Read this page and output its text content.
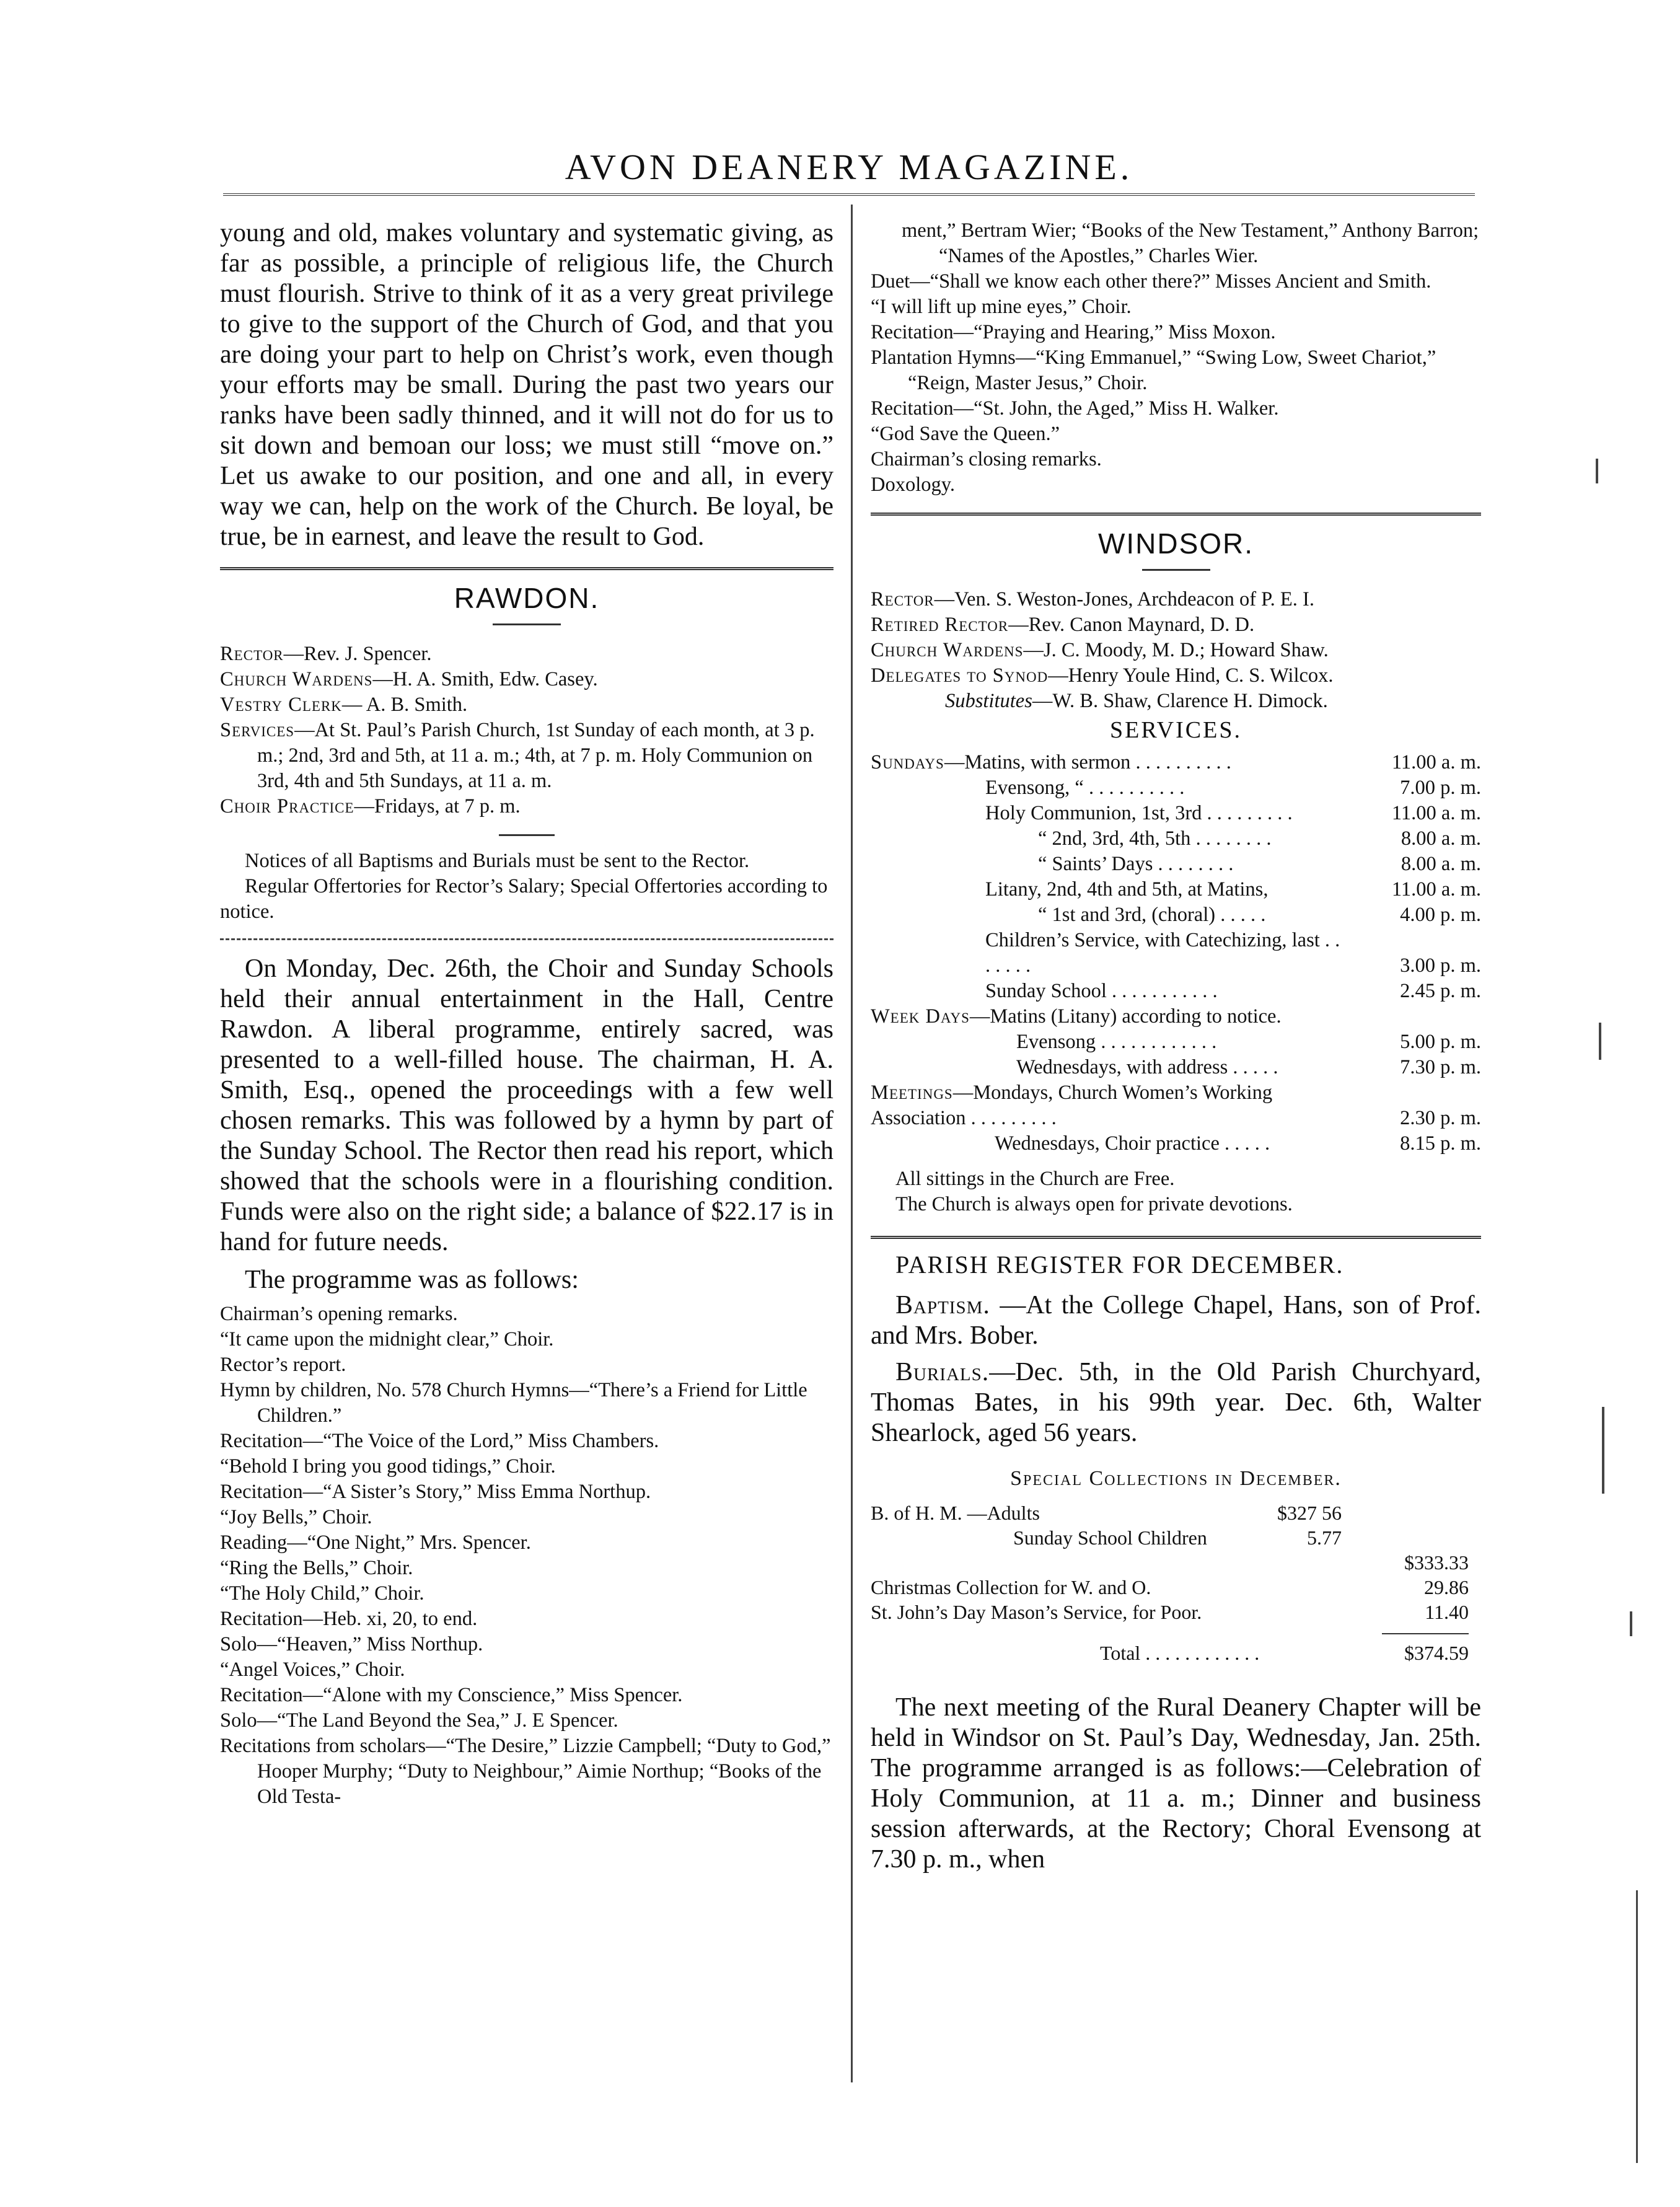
AVON DEANERY MAGAZINE.

young and old, makes voluntary and systematic giving, as far as possible, a principle of religious life, the Church must flourish. Strive to think of it as a very great privilege to give to the support of the Church of God, and that you are doing your part to help on Christ’s work, even though your efforts may be small. During the past two years our ranks have been sadly thinned, and it will not do for us to sit down and bemoan our loss; we must still “move on.” Let us awake to our position, and one and all, in every way we can, help on the work of the Church. Be loyal, be true, be in earnest, and leave the result to God.

RAWDON.

Rector—Rev. J. Spencer.

Church Wardens—H. A. Smith, Edw. Casey.

Vestry Clerk— A. B. Smith.

Services—At St. Paul’s Parish Church, 1st Sunday of each month, at 3 p. m.; 2nd, 3rd and 5th, at 11 a. m.; 4th, at 7 p. m. Holy Communion on 3rd, 4th and 5th Sundays, at 11 a. m.

Choir Practice—Fridays, at 7 p. m.

Notices of all Baptisms and Burials must be sent to the Rector.

Regular Offertories for Rector’s Salary; Special Offertories according to notice.

On Monday, Dec. 26th, the Choir and Sunday Schools held their annual entertainment in the Hall, Centre Rawdon. A liberal programme, entirely sacred, was presented to a well-filled house. The chairman, H. A. Smith, Esq., opened the proceedings with a few well chosen remarks. This was followed by a hymn by part of the Sunday School. The Rector then read his report, which showed that the schools were in a flourishing condition. Funds were also on the right side; a balance of $22.17 is in hand for future needs.

The programme was as follows:

Chairman’s opening remarks.

“It came upon the midnight clear,” Choir.

Rector’s report.

Hymn by children, No. 578 Church Hymns—“There’s a Friend for Little Children.”

Recitation—“The Voice of the Lord,” Miss Chambers.

“Behold I bring you good tidings,” Choir.

Recitation—“A Sister’s Story,” Miss Emma Northup.

“Joy Bells,” Choir.

Reading—“One Night,” Mrs. Spencer.

“Ring the Bells,” Choir.

“The Holy Child,” Choir.

Recitation—Heb. xi, 20, to end.

Solo—“Heaven,” Miss Northup.

“Angel Voices,” Choir.

Recitation—“Alone with my Conscience,” Miss Spencer.

Solo—“The Land Beyond the Sea,” J. E Spencer.

Recitations from scholars—“The Desire,” Lizzie Campbell; “Duty to God,” Hooper Murphy; “Duty to Neighbour,” Aimie Northup; “Books of the Old Testa-

ment,” Bertram Wier; “Books of the New Testament,” Anthony Barron; “Names of the Apostles,” Charles Wier.

Duet—“Shall we know each other there?” Misses Ancient and Smith.

“I will lift up mine eyes,” Choir.

Recitation—“Praying and Hearing,” Miss Moxon.

Plantation Hymns—“King Emmanuel,” “Swing Low, Sweet Chariot,” “Reign, Master Jesus,” Choir.

Recitation—“St. John, the Aged,” Miss H. Walker.

“God Save the Queen.”

Chairman’s closing remarks.

Doxology.

WINDSOR.

Rector—Ven. S. Weston-Jones, Archdeacon of P. E. I.

Retired Rector—Rev. Canon Maynard, D. D.

Church Wardens—J. C. Moody, M. D.; Howard Shaw.

Delegates to Synod—Henry Youle Hind, C. S. Wilcox.

Substitutes—W. B. Shaw, Clarence H. Dimock.

SERVICES.
Sundays—Matins, with sermon . . . . . . . . . .	11.00 a. m.
Evensong, “ . . . . . . . . . .	7.00 p. m.
Holy Communion, 1st, 3rd . . . . . . . . .	11.00 a. m.
“ 2nd, 3rd, 4th, 5th . . . . . . . .	8.00 a. m.
“ Saints’ Days . . . . . . . .	8.00 a. m.
Litany, 2nd, 4th and 5th, at Matins,	11.00 a. m.
“ 1st and 3rd, (choral) . . . . .	4.00 p. m.
Children’s Service, with Catechizing, last . . . . . . .	3.00 p. m.
Sunday School . . . . . . . . . . .	2.45 p. m.
Week Days—Matins (Litany) according to notice.
Evensong . . . . . . . . . . . .	5.00 p. m.
Wednesdays, with address . . . . .	7.30 p. m.
Meetings—Mondays, Church Women’s Working Association . . . . . . . . .	2.30 p. m.
Wednesdays, Choir practice . . . . .	8.15 p. m.

All sittings in the Church are Free.

The Church is always open for private devotions.

PARISH REGISTER FOR DECEMBER.

Baptism. —At the College Chapel, Hans, son of Prof. and Mrs. Bober.

Burials.—Dec. 5th, in the Old Parish Churchyard, Thomas Bates, in his 99th year. Dec. 6th, Walter Shearlock, aged 56 years.

Special Collections in December.
B. of H. M. —Adults	$327 56
Sunday School Children	5.77
$333.33
Christmas Collection for W. and O.	29.86
St. John’s Day Mason’s Service, for Poor.	11.40
Total . . . . . . . . . . . .	$374.59

The next meeting of the Rural Deanery Chapter will be held in Windsor on St. Paul’s Day, Wednesday, Jan. 25th. The programme arranged is as follows:—Celebration of Holy Communion, at 11 a. m.; Dinner and business session afterwards, at the Rectory; Choral Evensong at 7.30 p. m., when
